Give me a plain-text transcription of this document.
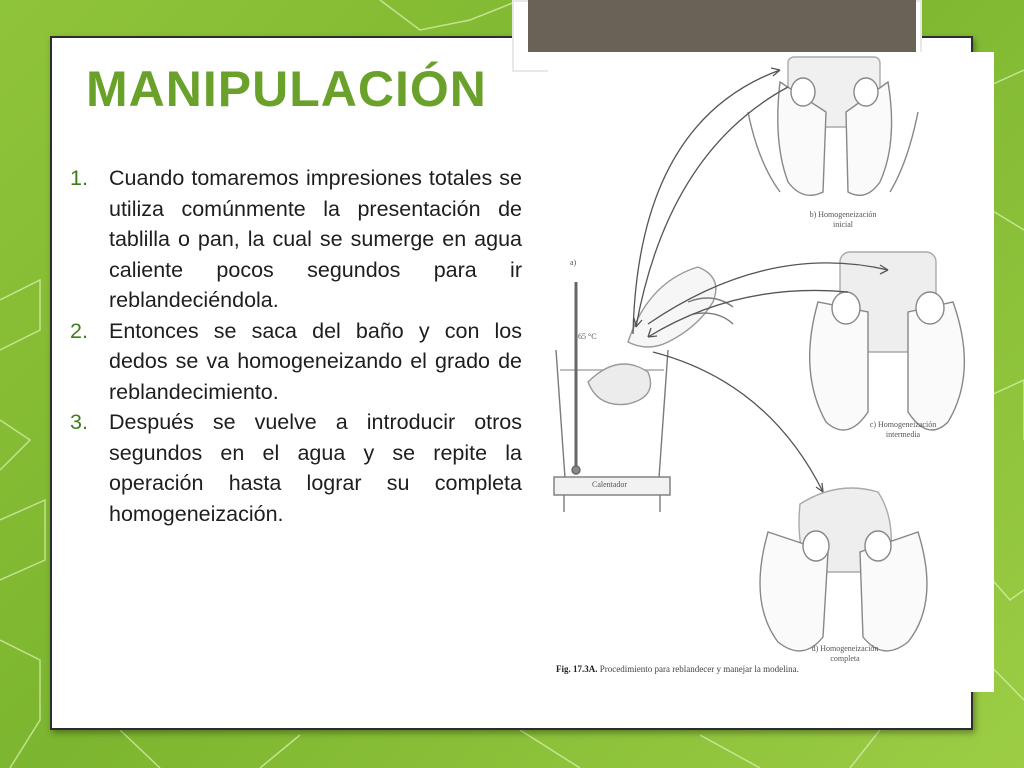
MANIPULACIÓN
1. Cuando tomaremos impresiones totales se utiliza comúnmente la presentación de tablilla o pan, la cual se sumerge en agua caliente pocos segundos para ir reblandeciéndola.
2. Entonces se saca del baño y con los dedos se va homogeneizando el grado de reblandecimiento.
3. Después se vuelve a introducir otros segundos en el agua y se repite la operación hasta lograr su completa homogeneización.
a)
65 °C
Calentador
b) Homogeneización
inicial
c) Homogeneización
intermedia
d) Homogeneización
completa
Fig. 17.3A. Procedimiento para reblandecer y manejar la modelina.
